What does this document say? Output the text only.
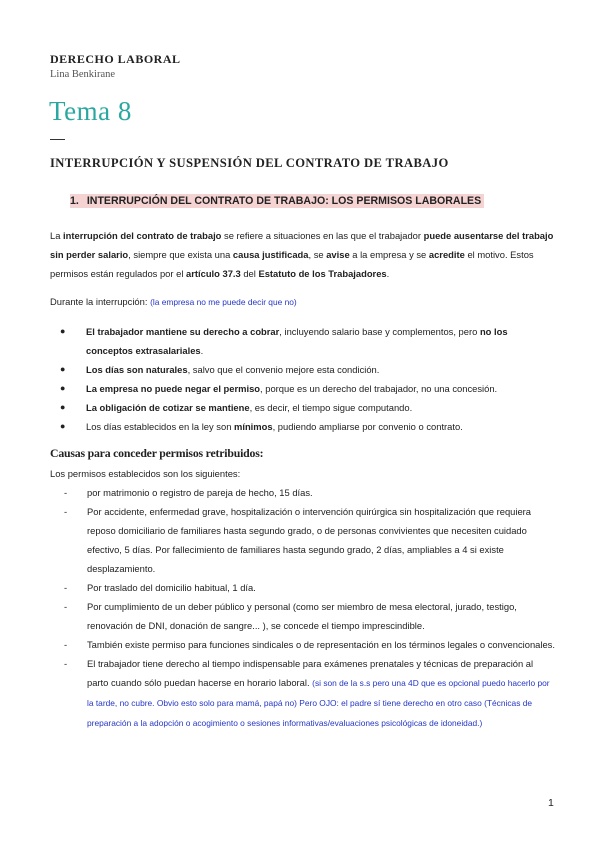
DERECHO LABORAL
Lina Benkirane
Tema 8
INTERRUPCIÓN Y SUSPENSIÓN DEL CONTRATO DE TRABAJO
1. INTERRUPCIÓN DEL CONTRATO DE TRABAJO: LOS PERMISOS LABORALES
La interrupción del contrato de trabajo se refiere a situaciones en las que el trabajador puede ausentarse del trabajo sin perder salario, siempre que exista una causa justificada, se avise a la empresa y se acredite el motivo. Estos permisos están regulados por el artículo 37.3 del Estatuto de los Trabajadores.
Durante la interrupción: (la empresa no me puede decir que no)
● El trabajador mantiene su derecho a cobrar, incluyendo salario base y complementos, pero no los conceptos extrasalariales.
● Los días son naturales, salvo que el convenio mejore esta condición.
● La empresa no puede negar el permiso, porque es un derecho del trabajador, no una concesión.
● La obligación de cotizar se mantiene, es decir, el tiempo sigue computando.
● Los días establecidos en la ley son mínimos, pudiendo ampliarse por convenio o contrato.
Causas para conceder permisos retribuidos:
Los permisos establecidos son los siguientes:
- por matrimonio o registro de pareja de hecho, 15 días.
- Por accidente, enfermedad grave, hospitalización o intervención quirúrgica sin hospitalización que requiera reposo domiciliario de familiares hasta segundo grado, o de personas convivientes que necesiten cuidado efectivo, 5 días. Por fallecimiento de familiares hasta segundo grado, 2 días, ampliables a 4 si existe desplazamiento.
- Por traslado del domicilio habitual, 1 día.
- Por cumplimiento de un deber público y personal (como ser miembro de mesa electoral, jurado, testigo, renovación de DNI, donación de sangre... ), se concede el tiempo imprescindible.
- También existe permiso para funciones sindicales o de representación en los términos legales o convencionales.
- El trabajador tiene derecho al tiempo indispensable para exámenes prenatales y técnicas de preparación al parto cuando sólo puedan hacerse en horario laboral. (si son de la s.s pero una 4D que es opcional puedo hacerlo por la tarde, no cubre. Obvio esto solo para mamá, papá no) Pero OJO: el padre sí tiene derecho en otro caso (Técnicas de preparación a la adopción o acogimiento o sesiones informativas/evaluaciones psicológicas de idoneidad.)
1
